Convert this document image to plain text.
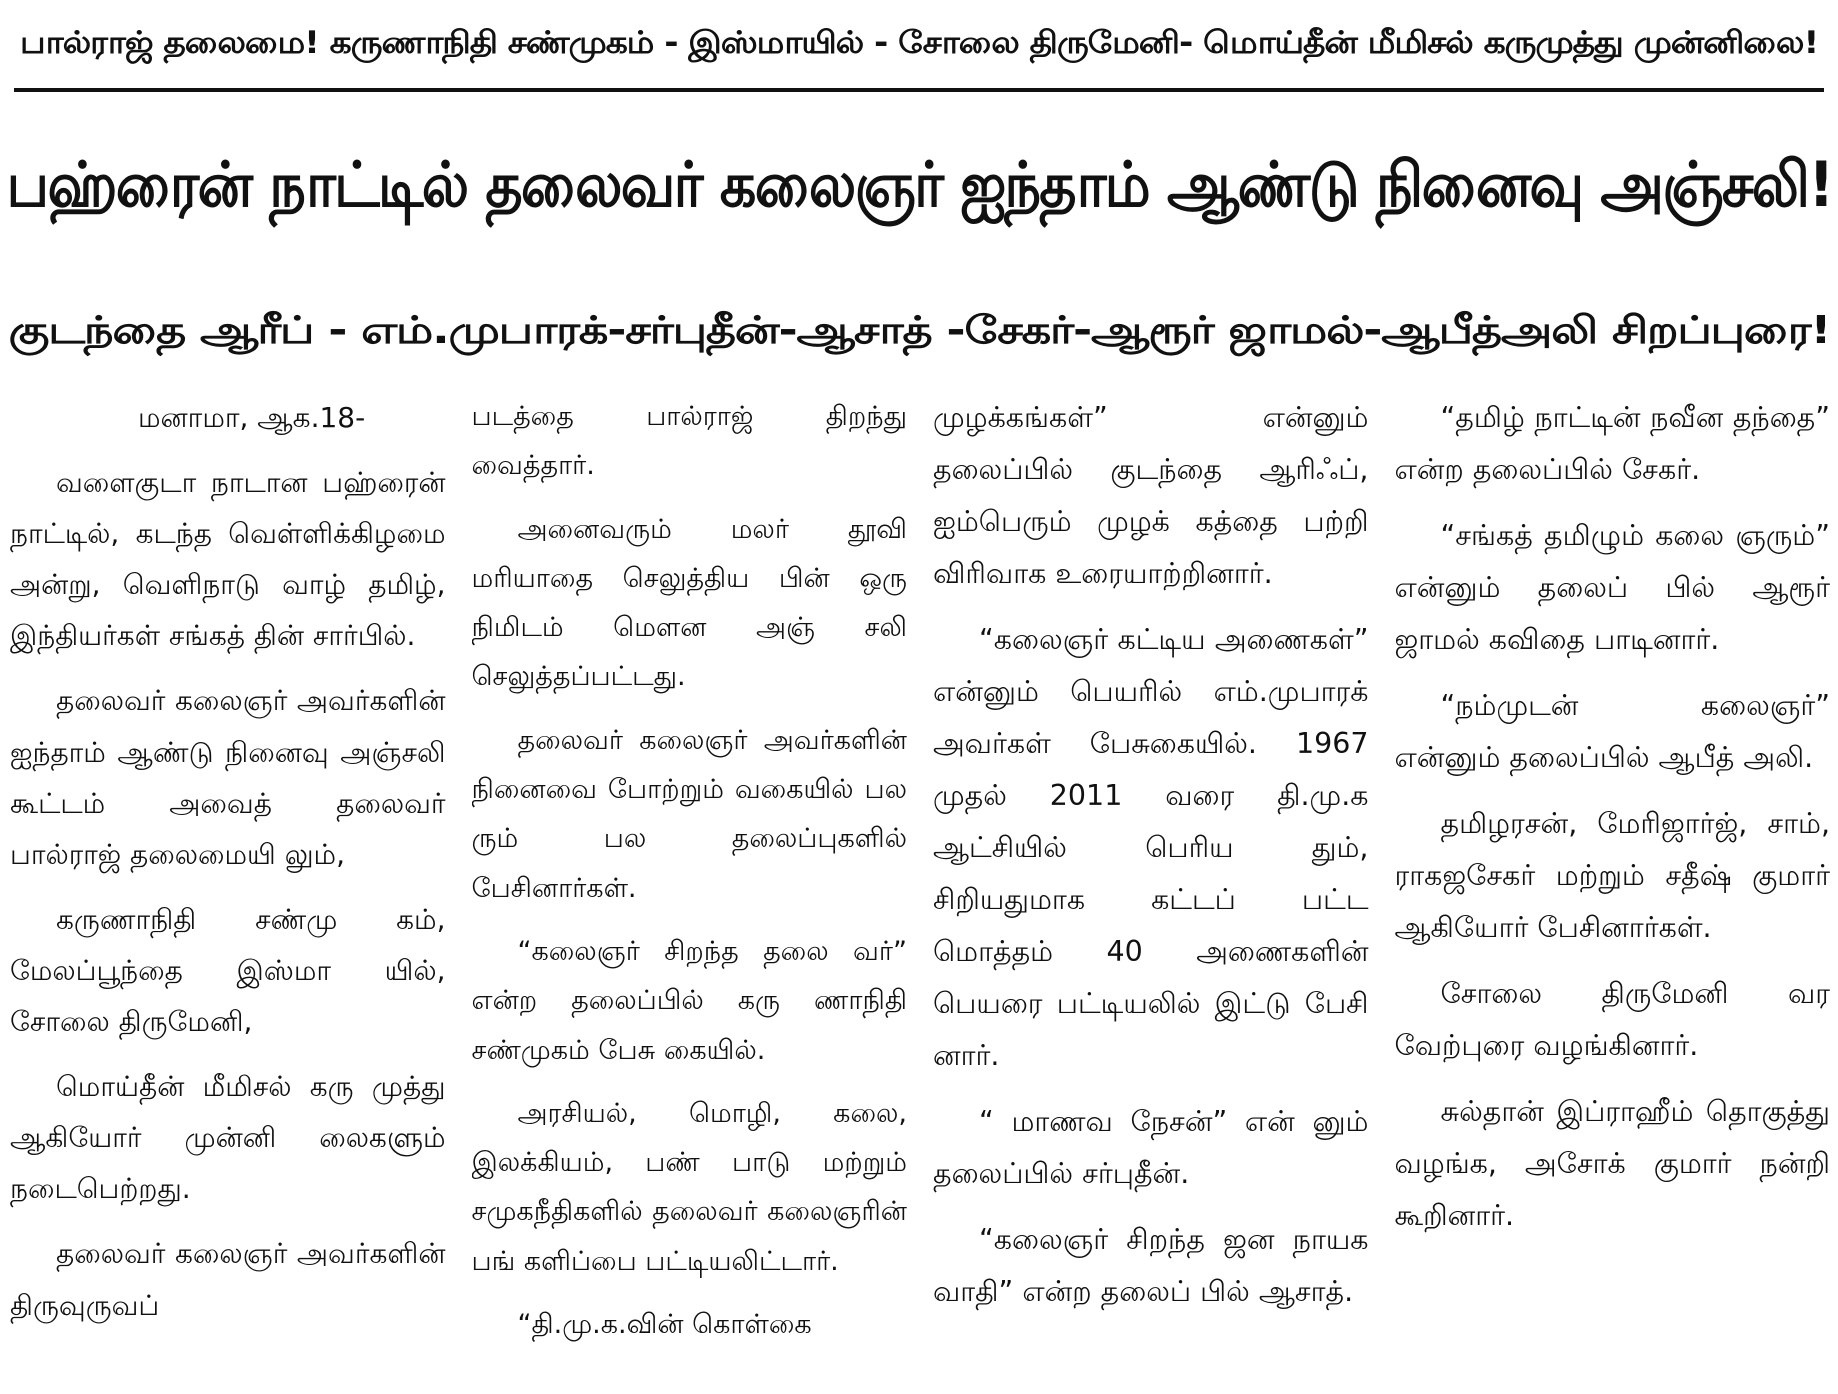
பால்ராஜ் தலைமை! கருணாநிதி சண்முகம் - இஸ்மாயில் - சோலை திருமேனி- மொய்தீன் மீமிசல் கருமுத்து முன்னிலை!
பஹ்ரைன் நாட்டில் தலைவர் கலைஞர் ஐந்தாம் ஆண்டு நினைவு அஞ்சலி!
குடந்தை ஆரீப் - எம்.முபாரக்-சர்புதீன்-ஆசாத் -சேகர்-ஆரூர் ஜாமல்-ஆபீத்அலி சிறப்புரை!

மனாமா, ஆக.18-

வளைகுடா நாடான பஹ்ரைன் நாட்டில், கடந்த வெள்ளிக்கிழமை அன்று, வெளிநாடு வாழ் தமிழ், இந்தியர்கள் சங்கத் தின் சார்பில்.

தலைவர் கலைஞர் அவர்களின் ஐந்தாம் ஆண்டு நினைவு அஞ்சலி கூட்டம் அவைத் தலைவர் பால்ராஜ் தலைமையி லும்,

கருணாநிதி சண்மு கம், மேலப்பூந்தை இஸ்மா யில், சோலை திருமேனி,

மொய்தீன் மீமிசல் கரு முத்து ஆகியோர் முன்னி லைகளும் நடைபெற்றது.

தலைவர் கலைஞர் அவர்களின் திருவுருவப்

படத்தை பால்ராஜ் திறந்து வைத்தார்.

அனைவரும் மலர் தூவி மரியாதை செலுத்திய பின் ஒரு நிமிடம் மௌன அஞ் சலி செலுத்தப்பட்டது.

தலைவர் கலைஞர் அவர்களின் நினைவை போற்றும் வகையில் பல ரும் பல தலைப்புகளில் பேசினார்கள்.

“கலைஞர் சிறந்த தலை வர்” என்ற தலைப்பில் கரு ணாநிதி சண்முகம் பேசு கையில்.

அரசியல், மொழி, கலை, இலக்கியம், பண் பாடு மற்றும் சமுகநீதிகளில் தலைவர் கலைஞரின் பங் களிப்பை பட்டியலிட்டார்.

“தி.மு.க.வின் கொள்கை

முழக்கங்கள்” என்னும் தலைப்பில் குடந்தை ஆரிஃப், ஐம்பெரும் முழக் கத்தை பற்றி விரிவாக உரையாற்றினார்.

“கலைஞர் கட்டிய அணைகள்” என்னும் பெயரில் எம்.முபாரக் அவர்கள் பேசுகையில். 1967 முதல் 2011 வரை தி.மு.க ஆட்சியில் பெரிய தும், சிறியதுமாக கட்டப் பட்ட மொத்தம் 40 அணைகளின் பெயரை பட்டியலில் இட்டு பேசி னார்.

“ மாணவ நேசன்” என் னும் தலைப்பில் சர்புதீன்.

“கலைஞர் சிறந்த ஜன நாயக வாதி” என்ற தலைப் பில் ஆசாத்.

“தமிழ் நாட்டின் நவீன தந்தை” என்ற தலைப்பில் சேகர்.

“சங்கத் தமிழும் கலை ஞரும்” என்னும் தலைப் பில் ஆரூர் ஜாமல் கவிதை பாடினார்.

“நம்முடன் கலைஞர்” என்னும் தலைப்பில் ஆபீத் அலி.

தமிழரசன், மேரிஜார்ஜ், சாம், ராகஜசேகர் மற்றும் சதீஷ் குமார் ஆகியோர் பேசினார்கள்.

சோலை திருமேனி வர வேற்புரை வழங்கினார்.

சுல்தான் இப்ராஹீம் தொகுத்து வழங்க, அசோக் குமார் நன்றி கூறினார்.
